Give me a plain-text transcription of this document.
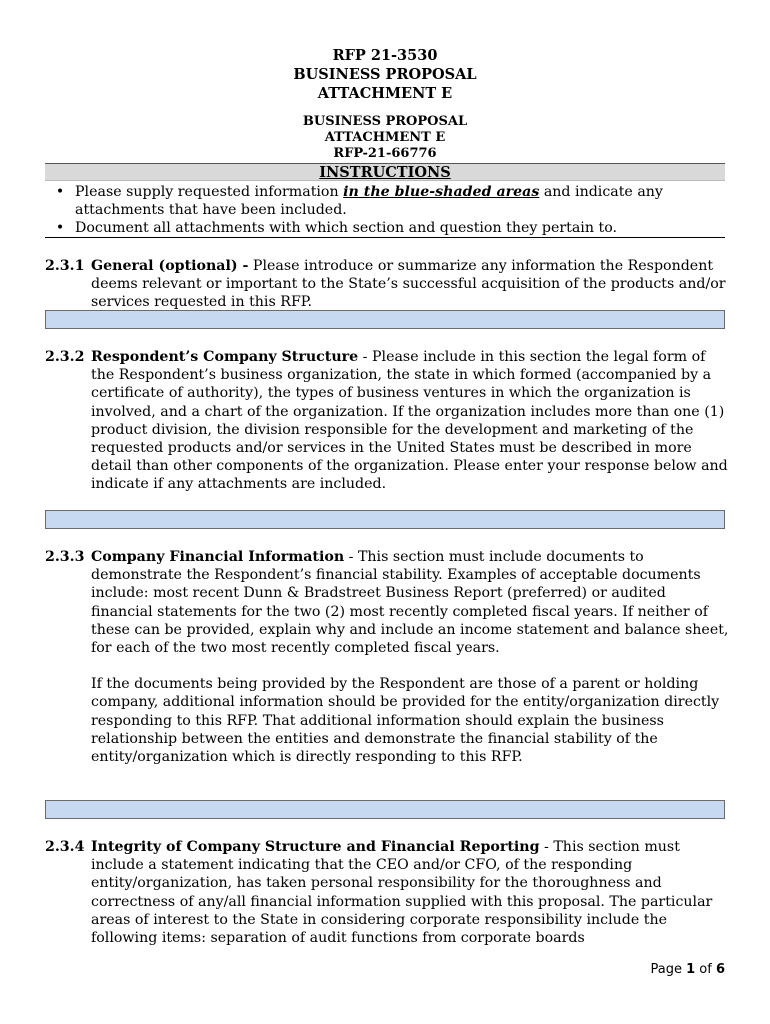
RFP 21-3530
BUSINESS PROPOSAL
ATTACHMENT E
BUSINESS PROPOSAL
ATTACHMENT E
RFP-21-66776
INSTRUCTIONS
• Please supply requested information in the blue-shaded areas and indicate any attachments that have been included.
• Document all attachments with which section and question they pertain to.
2.3.1 General (optional) - Please introduce or summarize any information the Respondent deems relevant or important to the State’s successful acquisition of the products and/or services requested in this RFP.

2.3.2 Respondent’s Company Structure - Please include in this section the legal form of the Respondent’s business organization, the state in which formed (accompanied by a certificate of authority), the types of business ventures in which the organization is involved, and a chart of the organization. If the organization includes more than one (1) product division, the division responsible for the development and marketing of the requested products and/or services in the United States must be described in more detail than other components of the organization. Please enter your response below and indicate if any attachments are included.

2.3.3 Company Financial Information - This section must include documents to demonstrate the Respondent’s financial stability. Examples of acceptable documents include: most recent Dunn & Bradstreet Business Report (preferred) or audited financial statements for the two (2) most recently completed fiscal years. If neither of these can be provided, explain why and include an income statement and balance sheet, for each of the two most recently completed fiscal years.

If the documents being provided by the Respondent are those of a parent or holding company, additional information should be provided for the entity/organization directly responding to this RFP. That additional information should explain the business relationship between the entities and demonstrate the financial stability of the entity/organization which is directly responding to this RFP.

2.3.4 Integrity of Company Structure and Financial Reporting - This section must include a statement indicating that the CEO and/or CFO, of the responding entity/organization, has taken personal responsibility for the thoroughness and correctness of any/all financial information supplied with this proposal. The particular areas of interest to the State in considering corporate responsibility include the following items: separation of audit functions from corporate boards

Page 1 of 6
